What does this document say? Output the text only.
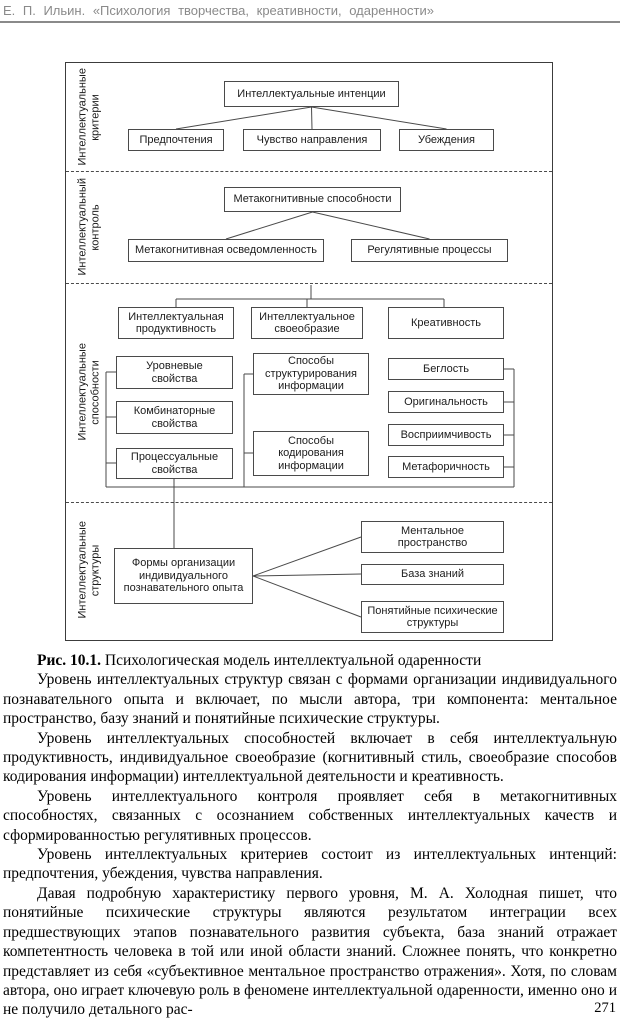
Е. П. Ильин. «Психология творчества, креативности, одаренности»
Интеллектуальные критерии
Интеллектуальный контроль
Интеллектуальные способности
Интеллектуальные структуры
Интеллектуальные интенции
Предпочтения	Чувство направления	Убеждения
Метакогнитивные способности
Метакогнитивная осведомленность	Регулятивные процессы
Интеллектуальная продуктивность
Интеллектуальное своеобразие
Креативность
Уровневые свойства
Комбинаторные свойства
Процессуальные свойства
Способы структурирования информации
Способы кодирования информации
Беглость
Оригинальность
Восприимчивость
Метафоричность
Формы организации индивидуального познавательного опыта
Ментальное пространство
База знаний
Понятийные психические структуры

Рис. 10.1. Психологическая модель интеллектуальной одаренности

Уровень интеллектуальных структур связан с формами организации индивидуального познавательного опыта и включает, по мысли автора, три компонента: ментальное пространство, базу знаний и понятийные психические структуры.

Уровень интеллектуальных способностей включает в себя интеллектуальную продуктивность, индивидуальное своеобразие (когнитивный стиль, своеобразие способов кодирования информации) интеллектуальной деятельности и креативность.

Уровень интеллектуального контроля проявляет себя в метакогнитивных способностях, связанных с осознанием собственных интеллектуальных качеств и сформированностью регулятивных процессов.

Уровень интеллектуальных критериев состоит из интеллектуальных интенций: предпочтения, убеждения, чувства направления.

Давая подробную характеристику первого уровня, М. А. Холодная пишет, что понятийные психические структуры являются результатом интеграции всех предшествующих этапов познавательного развития субъекта, база знаний отражает компетентность человека в той или иной области знаний. Сложнее понять, что конкретно представляет из себя «субъективное ментальное пространство отражения». Хотя, по словам автора, оно играет ключевую роль в феномене интеллектуальной одаренности, именно оно и не получило детального рас-	271
